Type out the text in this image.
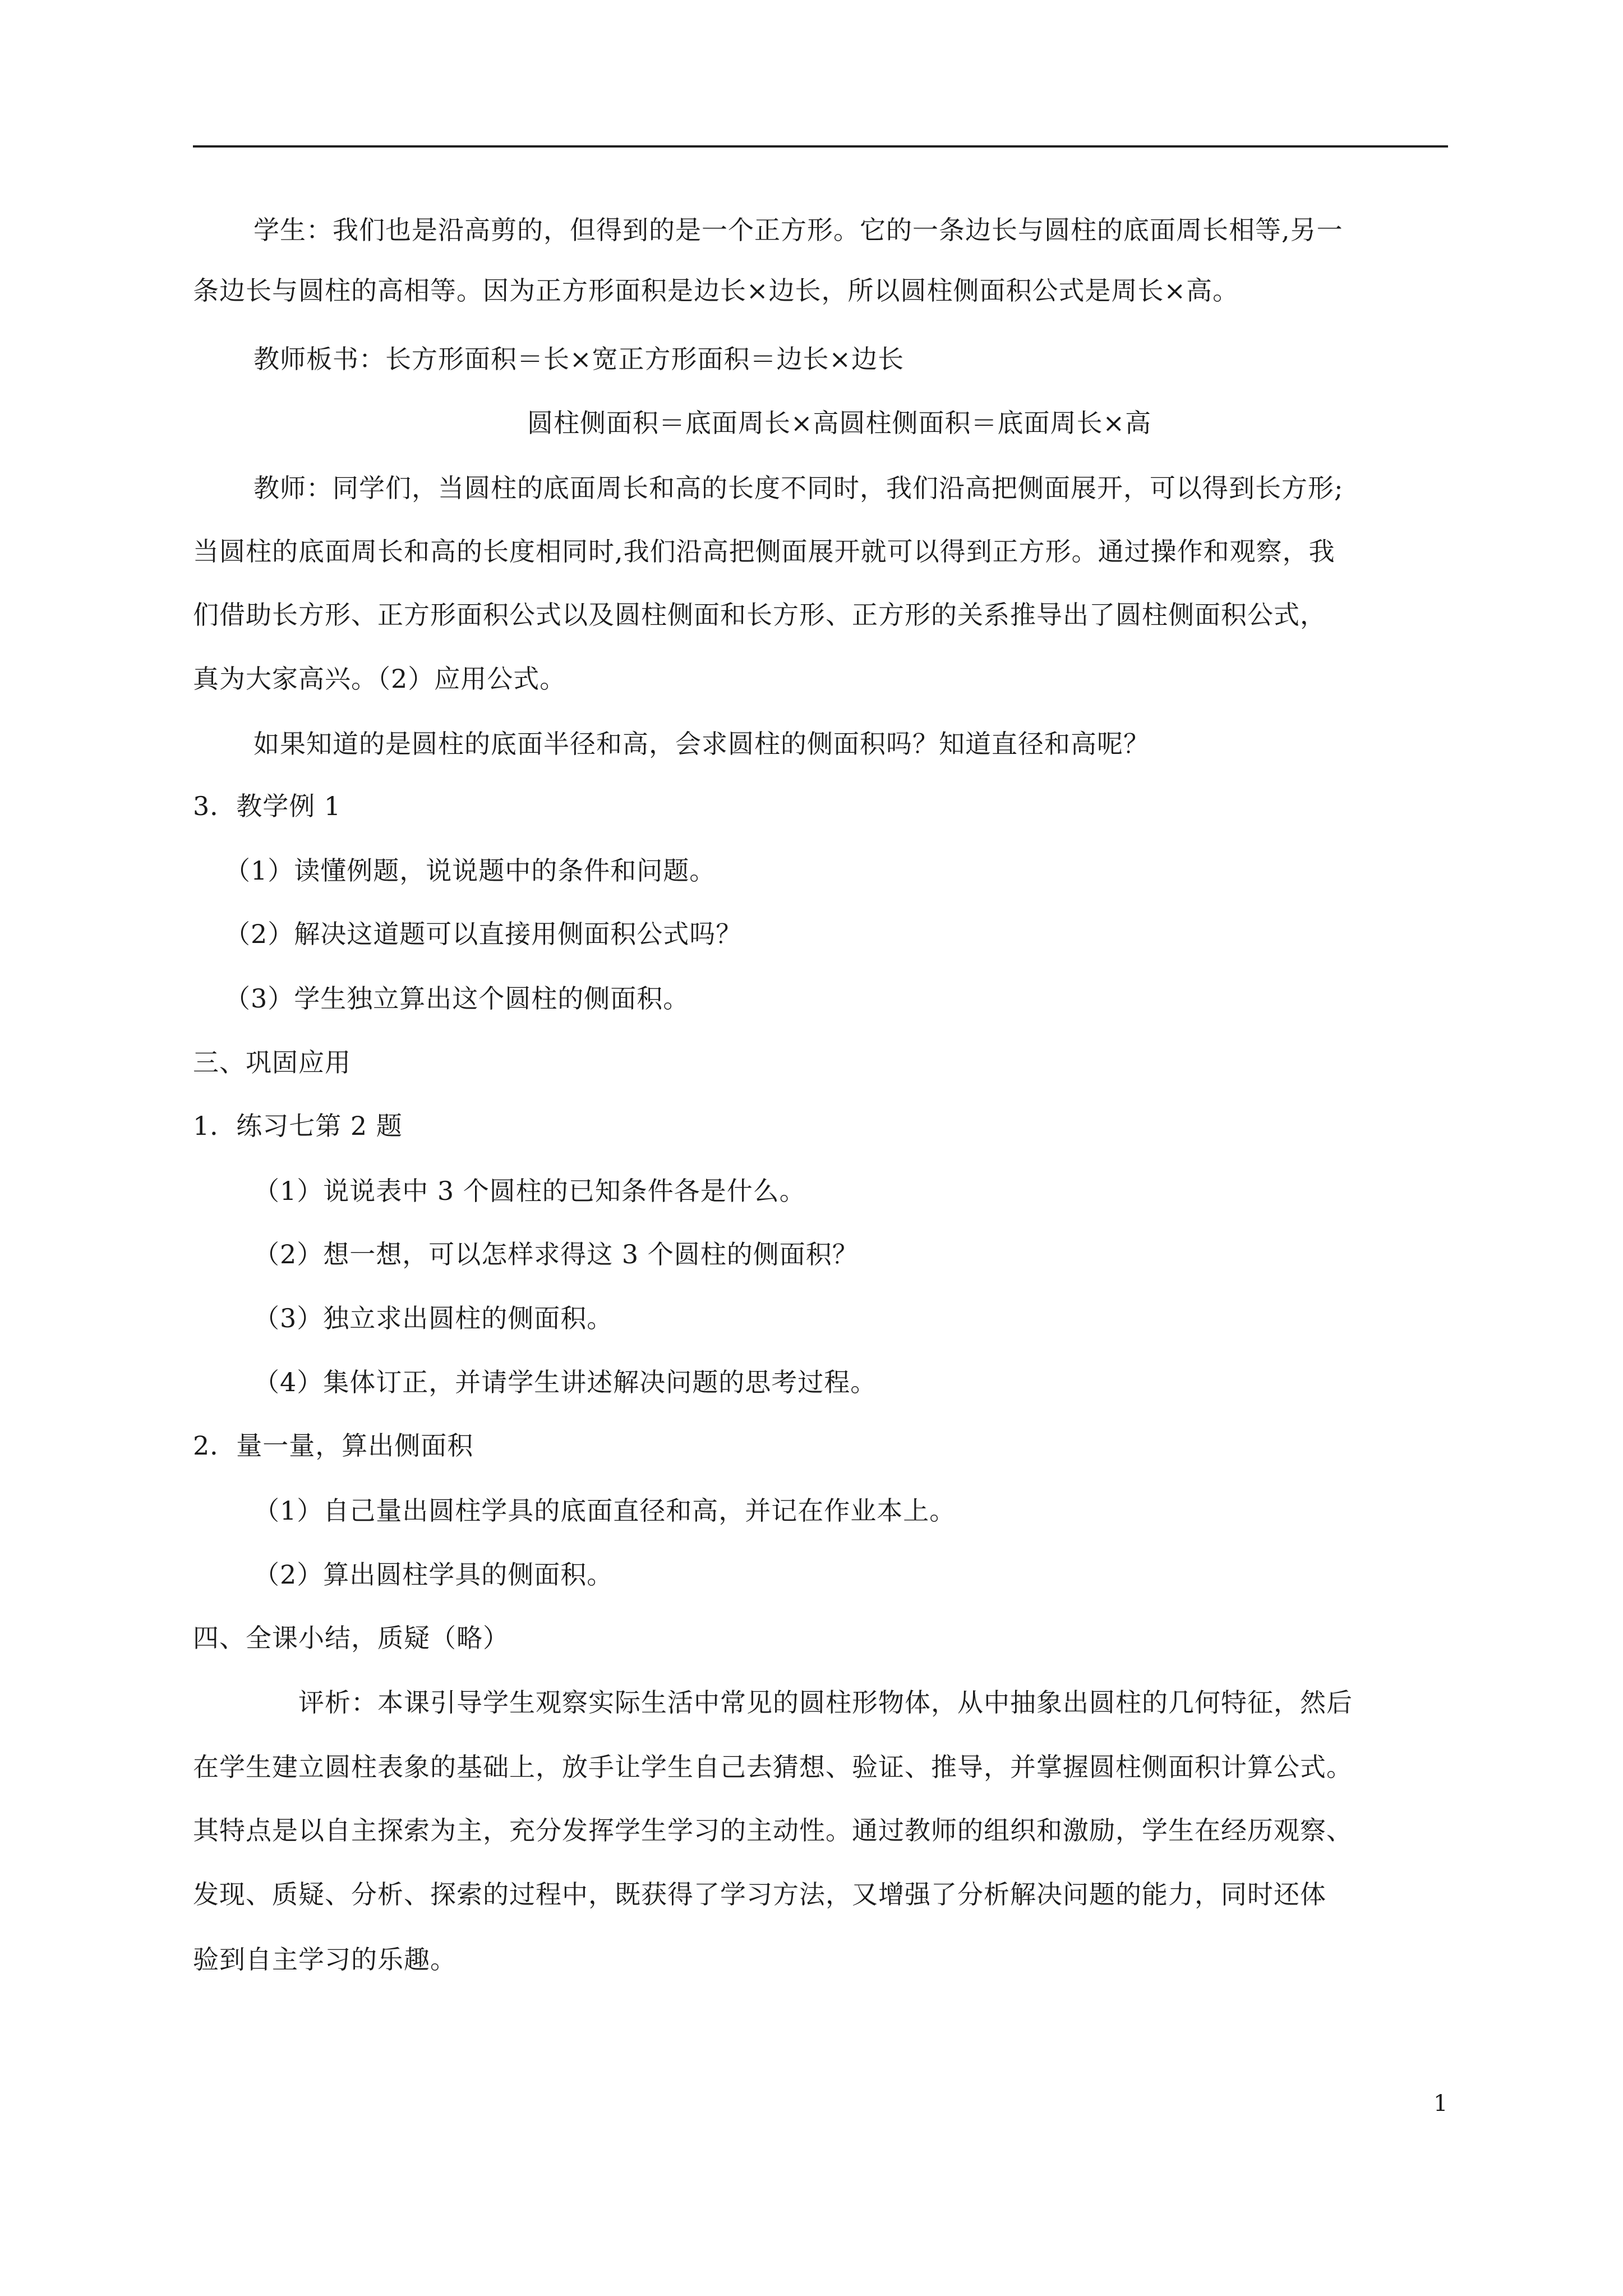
学生：我们也是沿高剪的，但得到的是一个正方形。它的一条边长与圆柱的底面周长相等,另一
条边长与圆柱的高相等。因为正方形面积是边长×边长，所以圆柱侧面积公式是周长×高。
教师板书：长方形面积＝长×宽正方形面积＝边长×边长
圆柱侧面积＝底面周长×高圆柱侧面积＝底面周长×高
教师：同学们，当圆柱的底面周长和高的长度不同时，我们沿高把侧面展开，可以得到长方形;
当圆柱的底面周长和高的长度相同时,我们沿高把侧面展开就可以得到正方形。通过操作和观察，我
们借助长方形、正方形面积公式以及圆柱侧面和长方形、正方形的关系推导出了圆柱侧面积公式，
真为大家高兴。（2）应用公式。
如果知道的是圆柱的底面半径和高，会求圆柱的侧面积吗？知道直径和高呢？
3．教学例 1
（1）读懂例题，说说题中的条件和问题。
（2）解决这道题可以直接用侧面积公式吗？
（3）学生独立算出这个圆柱的侧面积。
三、巩固应用
1．练习七第 2 题
（1）说说表中 3 个圆柱的已知条件各是什么。
（2）想一想，可以怎样求得这 3 个圆柱的侧面积？
（3）独立求出圆柱的侧面积。
（4）集体订正，并请学生讲述解决问题的思考过程。
2．量一量，算出侧面积
（1）自己量出圆柱学具的底面直径和高，并记在作业本上。
（2）算出圆柱学具的侧面积。
四、全课小结，质疑（略）
评析：本课引导学生观察实际生活中常见的圆柱形物体，从中抽象出圆柱的几何特征，然后
在学生建立圆柱表象的基础上，放手让学生自己去猜想、验证、推导，并掌握圆柱侧面积计算公式。
其特点是以自主探索为主，充分发挥学生学习的主动性。通过教师的组织和激励，学生在经历观察、
发现、质疑、分析、探索的过程中，既获得了学习方法，又增强了分析解决问题的能力，同时还体
验到自主学习的乐趣。
1
